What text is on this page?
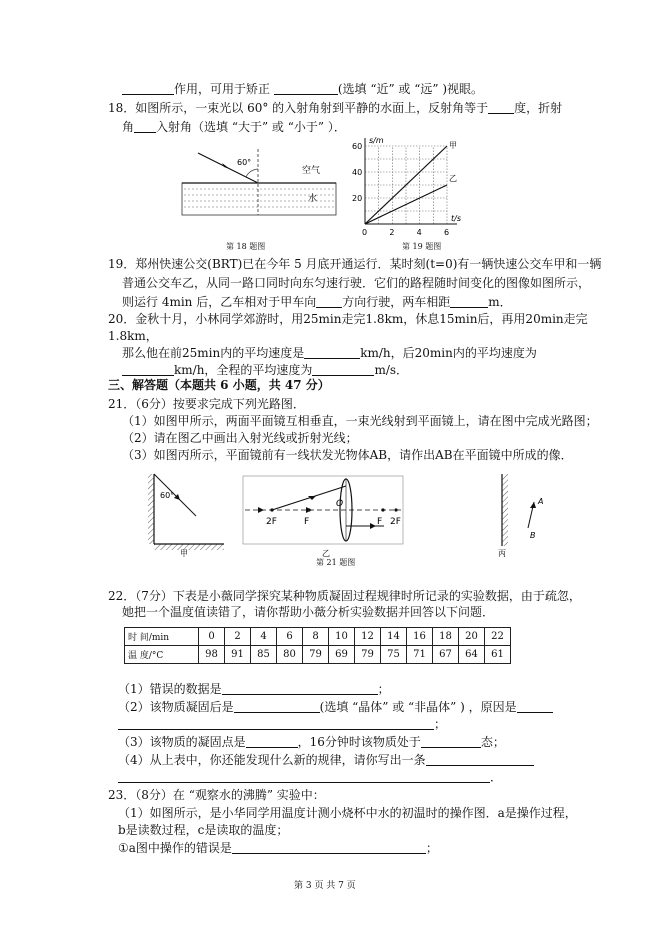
作用，可用于矫正	(选填 “近” 或 “远” )视眼。
18．如图所示，一束光以 60° 的入射角射到平静的水面上，反射角等于 度，折射
角 入射角（选填 “大于” 或 “小于” ）．
60°
空气
水
第 18 题图
s/m
t/s
60
40
20
0	2	4	6
甲
乙
第 19 题图
19．郑州快速公交(BRT)已在今年 5 月底开通运行．某时刻(t=0)有一辆快速公交车甲和一辆
普通公交车乙，从同一路口同时向东匀速行驶．它们的路程随时间变化的图像如图所示，
则运行 4min 后，乙车相对于甲车向 方向行驶，两车相距	m．
20．金秋十月，小林同学郊游时，用25min走完1.8km，休息15min后，再用20min走完
1.8km，
那么他在前25min内的平均速度是	km/h，后20min内的平均速度为
km/h，全程的平均速度为	m/s．
三、解答题（本题共 6 小题，共 47 分）
21．（6分）按要求完成下列光路图．
（1）如图甲所示，两面平面镜互相垂直，一束光线射到平面镜上，请在图中完成光路图；
（2）请在图乙中画出入射光线或折射光线；
（3）如图丙所示，平面镜前有一线状发光物体AB，请作出AB在平面镜中所成的像．
60°
甲
2F	F
O
F 2F
乙
A
B
丙
第 21 题图
22．（7分）下表是小薇同学探究某种物质凝固过程规律时所记录的实验数据，由于疏忽，
她把一个温度值读错了，请你帮助小薇分析实验数据并回答以下问题．
时 间/min	0	2	4	6	8	10	12	14	16	18	20	22
温 度/°C	98	91	85	80	79	69	79	75	71	67	64	61
（1）错误的数据是	；
（2）该物质凝固后是	(选填 “晶体” 或 “非晶体” ) ，原因是
；
（3）该物质的凝固点是	，16分钟时该物质处于	态；
（4）从上表中，你还能发现什么新的规律，请你写出一条
．
23．（8分）在 “观察水的沸腾” 实验中：
（1）如图所示，是小华同学用温度计测小烧杯中水的初温时的操作图．a是操作过程，
b是读数过程，c是读取的温度；
①a图中操作的错误是	；
第 3 页 共 7 页
